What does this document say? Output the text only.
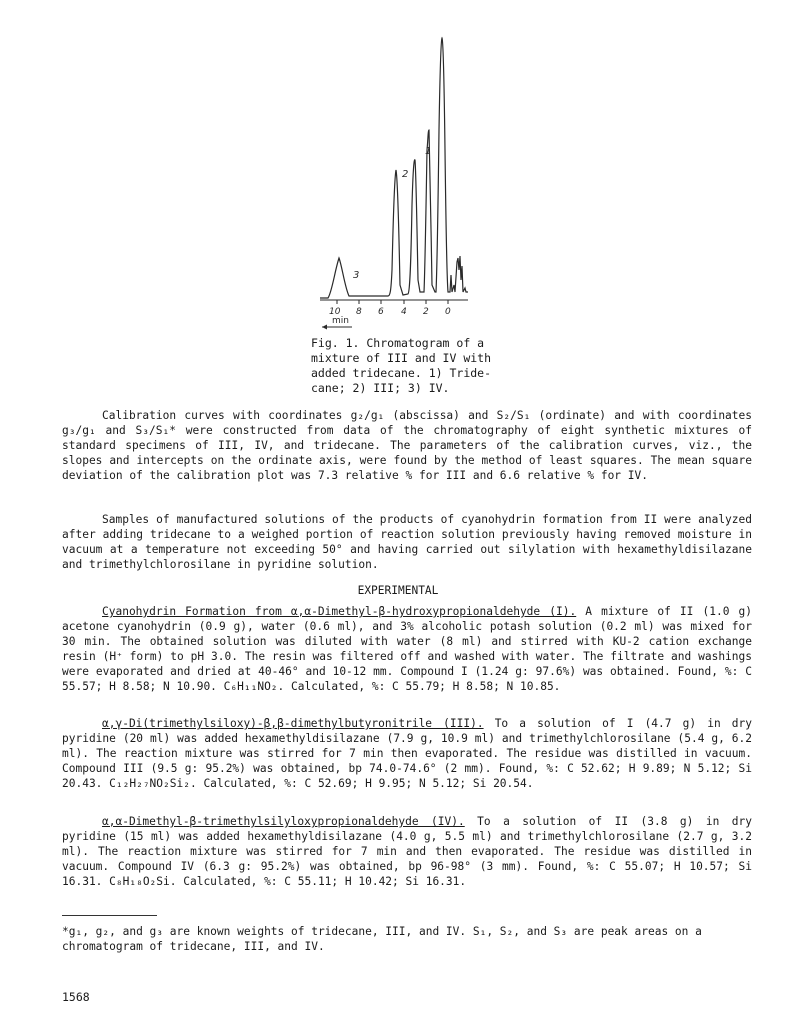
10 8 6 4 2 0
min
1
2
3
Fig. 1. Chromatogram of a
mixture of III and IV with
added tridecane. 1) Tride-
cane; 2) III; 3) IV.
Calibration curves with coordinates g₂/g₁ (abscissa) and S₂/S₁ (ordinate) and with coordinates g₃/g₁ and S₃/S₁* were constructed from data of the chromatography of eight synthetic mixtures of standard specimens of III, IV, and tridecane. The parameters of the calibration curves, viz., the slopes and intercepts on the ordinate axis, were found by the method of least squares. The mean square deviation of the calibration plot was 7.3 relative % for III and 6.6 relative % for IV.
Samples of manufactured solutions of the products of cyanohydrin formation from II were analyzed after adding tridecane to a weighed portion of reaction solution previously having removed moisture in vacuum at a temperature not exceeding 50° and having carried out silylation with hexamethyldisilazane and trimethylchlorosilane in pyridine solution.
EXPERIMENTAL
Cyanohydrin Formation from α,α-Dimethyl-β-hydroxypropionaldehyde (I). A mixture of II (1.0 g) acetone cyanohydrin (0.9 g), water (0.6 ml), and 3% alcoholic potash solution (0.2 ml) was mixed for 30 min. The obtained solution was diluted with water (8 ml) and stirred with KU-2 cation exchange resin (H⁺ form) to pH 3.0. The resin was filtered off and washed with water. The filtrate and washings were evaporated and dried at 40-46° and 10-12 mm. Compound I (1.24 g: 97.6%) was obtained. Found, %: C 55.57; H 8.58; N 10.90. C₆H₁₁NO₂. Calculated, %: C 55.79; H 8.58; N 10.85.
α,γ-Di(trimethylsiloxy)-β,β-dimethylbutyronitrile (III). To a solution of I (4.7 g) in dry pyridine (20 ml) was added hexamethyldisilazane (7.9 g, 10.9 ml) and trimethylchlorosilane (5.4 g, 6.2 ml). The reaction mixture was stirred for 7 min then evaporated. The residue was distilled in vacuum. Compound III (9.5 g: 95.2%) was obtained, bp 74.0-74.6° (2 mm). Found, %: C 52.62; H 9.89; N 5.12; Si 20.43. C₁₂H₂₇NO₂Si₂. Calculated, %: C 52.69; H 9.95; N 5.12; Si 20.54.
α,α-Dimethyl-β-trimethylsilyloxypropionaldehyde (IV). To a solution of II (3.8 g) in dry pyridine (15 ml) was added hexamethyldisilazane (4.0 g, 5.5 ml) and trimethylchlorosilane (2.7 g, 3.2 ml). The reaction mixture was stirred for 7 min and then evaporated. The residue was distilled in vacuum. Compound IV (6.3 g: 95.2%) was obtained, bp 96-98° (3 mm). Found, %: C 55.07; H 10.57; Si 16.31. C₈H₁₈O₂Si. Calculated, %: C 55.11; H 10.42; Si 16.31.
*g₁, g₂, and g₃ are known weights of tridecane, III, and IV. S₁, S₂, and S₃ are peak areas on a chromatogram of tridecane, III, and IV.
1568
